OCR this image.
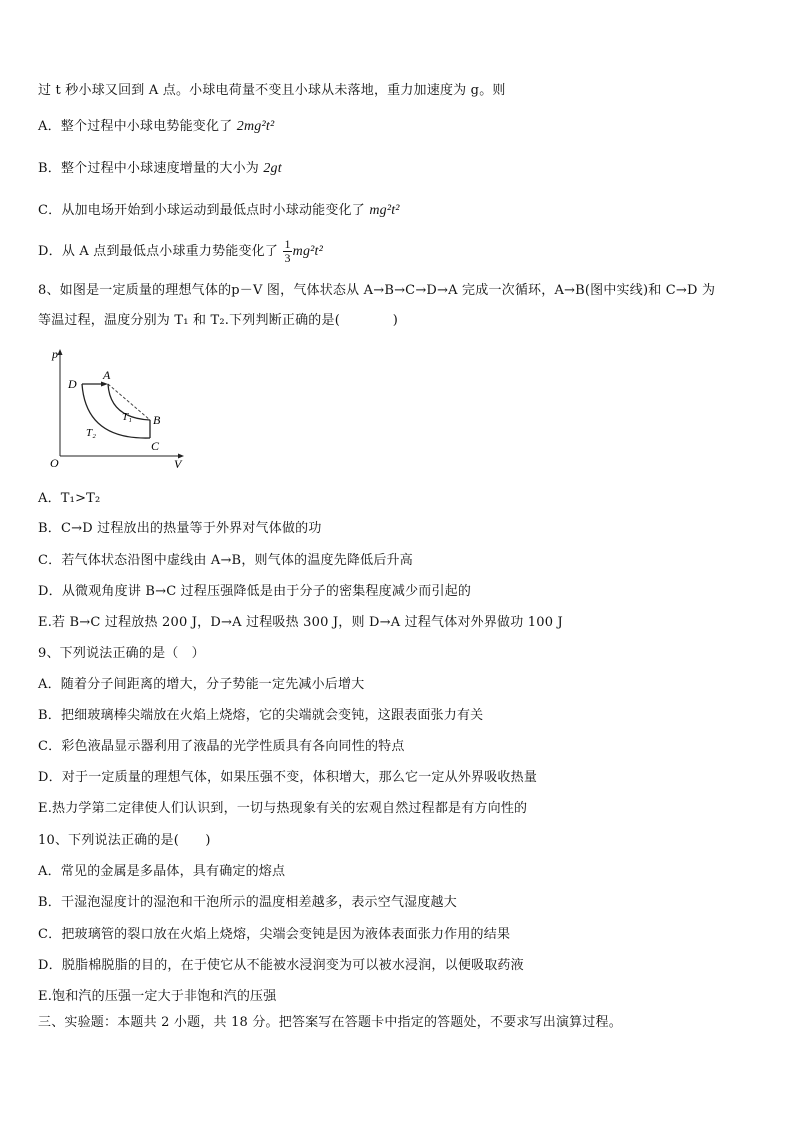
过 t 秒小球又回到 A 点。小球电荷量不变且小球从未落地，重力加速度为 g。则
A．整个过程中小球电势能变化了 2mg²t²
B．整个过程中小球速度增量的大小为 2gt
C．从加电场开始到小球运动到最低点时小球动能变化了 mg²t²
D．从 A 点到最低点小球重力势能变化了 $\frac{1}{3} mg^2t^2$
8、如图是一定质量的理想气体的p－V 图，气体状态从 A→B→C→D→A 完成一次循环，A→B(图中实线)和 C→D 为
等温过程，温度分别为 T₁ 和 T₂.下列判断正确的是(　　　　)
p
V
O
D
A
B
C
T₁
T₂
A．T₁>T₂
B．C→D 过程放出的热量等于外界对气体做的功
C．若气体状态沿图中虚线由 A→B，则气体的温度先降低后升高
D．从微观角度讲 B→C 过程压强降低是由于分子的密集程度减少而引起的
E.若 B→C 过程放热 200 J，D→A 过程吸热 300 J，则 D→A 过程气体对外界做功 100 J
9、下列说法正确的是（　）
A．随着分子间距离的增大，分子势能一定先减小后增大
B．把细玻璃棒尖端放在火焰上烧熔，它的尖端就会变钝，这跟表面张力有关
C．彩色液晶显示器利用了液晶的光学性质具有各向同性的特点
D．对于一定质量的理想气体，如果压强不变，体积增大，那么它一定从外界吸收热量
E.热力学第二定律使人们认识到，一切与热现象有关的宏观自然过程都是有方向性的
10、下列说法正确的是(　　)
A．常见的金属是多晶体，具有确定的熔点
B．干湿泡湿度计的湿泡和干泡所示的温度相差越多，表示空气湿度越大
C．把玻璃管的裂口放在火焰上烧熔，尖端会变钝是因为液体表面张力作用的结果
D．脱脂棉脱脂的目的，在于使它从不能被水浸润变为可以被水浸润，以便吸取药液
E.饱和汽的压强一定大于非饱和汽的压强
三、实验题：本题共 2 小题，共 18 分。把答案写在答题卡中指定的答题处，不要求写出演算过程。
